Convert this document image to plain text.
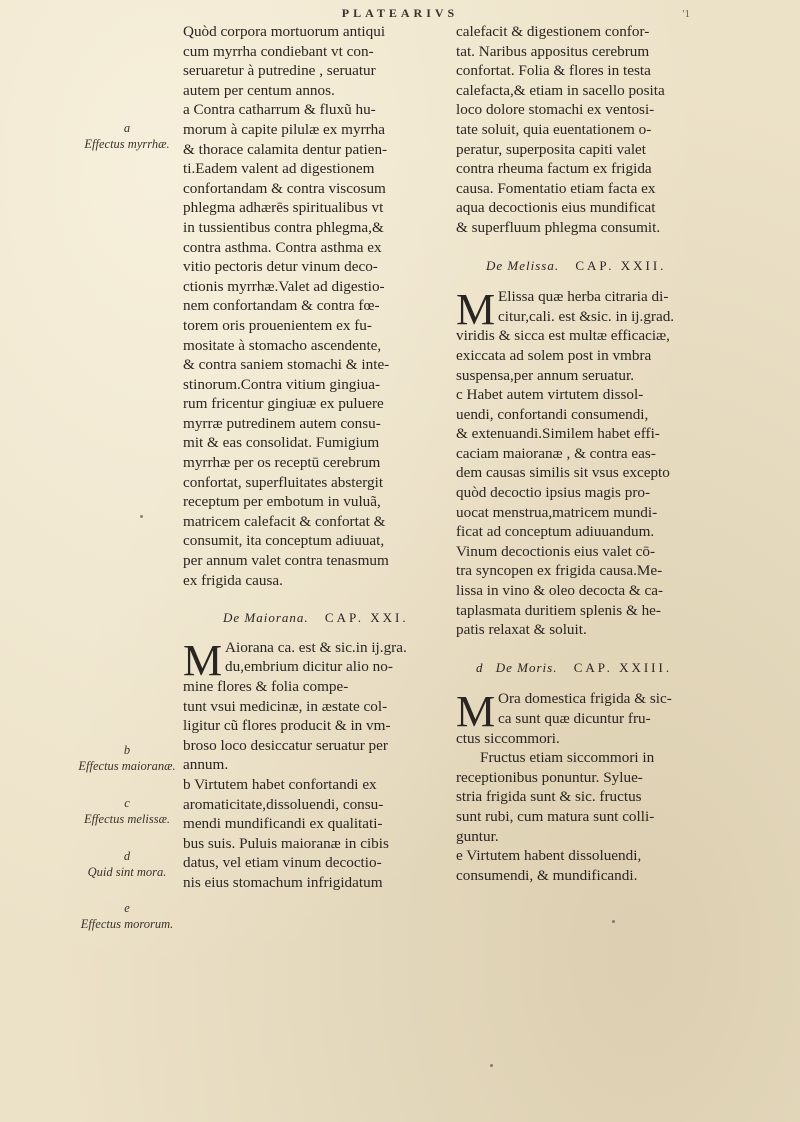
PLATEARIVS	'1
a
Effectus myrrhæ.
b
Effectus maioranæ.
c
Effectus melissæ.
d
Quid sint mora.
e
Effectus mororum.
Quòd corpora mortuorum antiqui
cum myrrha condiebant vt con-
seruaretur à putredine , seruatur
autem per centum annos.
a Contra catharrum & fluxũ hu-
morum à capite pilulæ ex myrrha
& thorace calamita dentur patien-
ti.Eadem valent ad digestionem
confortandam & contra viscosum
phlegma adhærēs spiritualibus vt
in tussientibus contra phlegma,&
contra asthma. Contra asthma ex
vitio pectoris detur vinum deco-
ctionis myrrhæ.Valet ad digestio-
nem confortandam & contra fœ-
torem oris prouenientem ex fu-
mositate à stomacho ascendente,
& contra saniem stomachi & inte-
stinorum.Contra vitium gingiua-
rum fricentur gingiuæ ex puluere
myrræ putredinem autem consu-
mit & eas consolidat. Fumigium
myrrhæ per os receptū cerebrum
confortat, superfluitates abstergit
receptum per embotum in vuluã,
matricem calefacit & confortat &
consumit, ita conceptum adiuuat,
per annum valet contra tenasmum
ex frigida causa.
De Maiorana. CAP. XXI.
M Aiorana ca. est & sic.in ij.gra.
du,embrium dicitur alio no-
mine flores & folia compe-
tunt vsui medicinæ, in æstate col-
ligitur cũ flores producit & in vm-
broso loco desiccatur seruatur per
annum.
b Virtutem habet confortandi ex
aromaticitate,dissoluendi, consu-
mendi mundificandi ex qualitati-
bus suis. Puluis maioranæ in cibis
datus, vel etiam vinum decoctio-
nis eius stomachum infrigidatum
calefacit & digestionem confor-
tat. Naribus appositus cerebrum
confortat. Folia & flores in testa
calefacta,& etiam in sacello posita
loco dolore stomachi ex ventosi-
tate soluit, quia euentationem o-
peratur, superposita capiti valet
contra rheuma factum ex frigida
causa. Fomentatio etiam facta ex
aqua decoctionis eius mundificat
& superfluum phlegma consumit.
De Melissa. CAP. XXII.
M Elissa quæ herba citraria di-
citur,cali. est &sic. in ij.grad.
viridis & sicca est multæ efficaciæ,
exiccata ad solem post in vmbra
suspensa,per annum seruatur.
c Habet autem virtutem dissol-
uendi, confortandi consumendi,
& extenuandi.Similem habet effi-
caciam maioranæ , & contra eas-
dem causas similis sit vsus excepto
quòd decoctio ipsius magis pro-
uocat menstrua,matricem mundi-
ficat ad conceptum adiuuandum.
Vinum decoctionis eius valet cō-
tra syncopen ex frigida causa.Me-
lissa in vino & oleo decocta & ca-
taplasmata duritiem splenis & he-
patis relaxat & soluit.
d De Moris. CAP. XXIII.
M Ora domestica frigida & sic-
ca sunt quæ dicuntur fru-
ctus siccommori.
Fructus etiam siccommori in
receptionibus ponuntur. Sylue-
stria frigida sunt & sic. fructus
sunt rubi, cum matura sunt colli-
guntur.
e Virtutem habent dissoluendi,
consumendi, & mundificandi.
